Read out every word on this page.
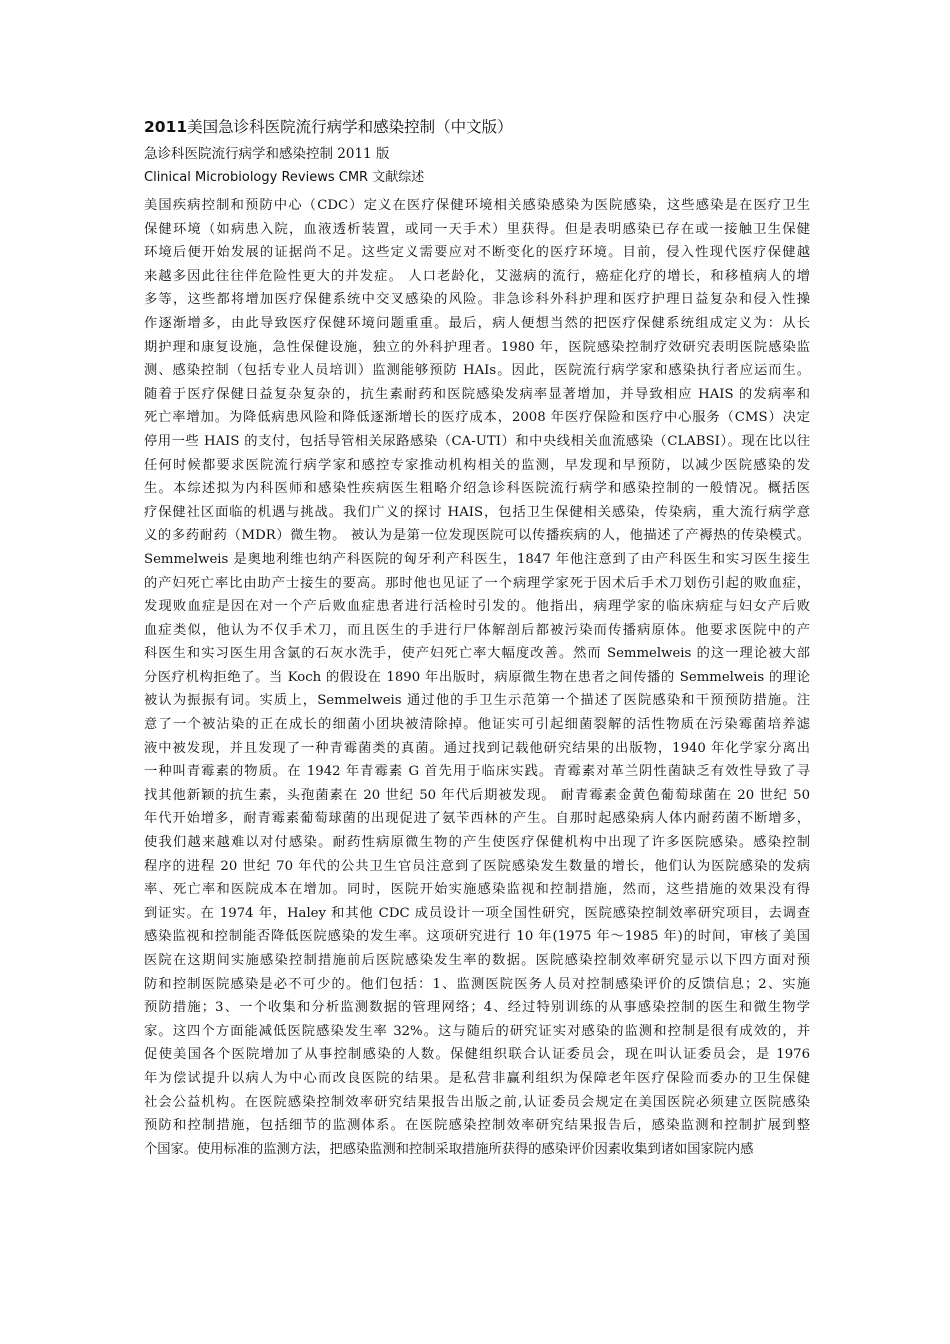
2011美国急诊科医院流行病学和感染控制（中文版）
急诊科医院流行病学和感染控制 2011 版
Clinical Microbiology Reviews CMR 文献综述
美国疾病控制和预防中心（CDC）定义在医疗保健环境相关感染感染为医院感染，这些感染是在医疗卫生
保健环境（如病患入院，血液透析装置，或同一天手术）里获得。但是表明感染已存在或一接触卫生保健
环境后便开始发展的证据尚不足。这些定义需要应对不断变化的医疗环境。目前，侵入性现代医疗保健越
来越多因此往往伴危险性更大的并发症。 人口老龄化，艾滋病的流行，癌症化疗的增长，和移植病人的增
多等，这些都将增加医疗保健系统中交叉感染的风险。非急诊科外科护理和医疗护理日益复杂和侵入性操
作逐渐增多，由此导致医疗保健环境问题重重。最后，病人便想当然的把医疗保健系统组成定义为：从长
期护理和康复设施，急性保健设施，独立的外科护理者。1980 年，医院感染控制疗效研究表明医院感染监
测、感染控制（包括专业人员培训）监测能够预防 HAIs。因此，医院流行病学家和感染执行者应运而生。
随着于医疗保健日益复杂复杂的，抗生素耐药和医院感染发病率显著增加，并导致相应 HAIS 的发病率和
死亡率增加。为降低病患风险和降低逐渐增长的医疗成本，2008 年医疗保险和医疗中心服务（CMS）决定
停用一些 HAIS 的支付，包括导管相关尿路感染（CA-UTI）和中央线相关血流感染（CLABSI）。现在比以往
任何时候都要求医院流行病学家和感控专家推动机构相关的监测，早发现和早预防，以减少医院感染的发
生。本综述拟为内科医师和感染性疾病医生粗略介绍急诊科医院流行病学和感染控制的一般情况。概括医
疗保健社区面临的机遇与挑战。我们广义的探讨 HAIS，包括卫生保健相关感染，传染病，重大流行病学意
义的多药耐药（MDR）微生物。 被认为是第一位发现医院可以传播疾病的人，他描述了产褥热的传染模式。
Semmelweis 是奥地利维也纳产科医院的匈牙利产科医生，1847 年他注意到了由产科医生和实习医生接生
的产妇死亡率比由助产士接生的要高。那时他也见证了一个病理学家死于因术后手术刀划伤引起的败血症，
发现败血症是因在对一个产后败血症患者进行活检时引发的。他指出，病理学家的临床病症与妇女产后败
血症类似，他认为不仅手术刀，而且医生的手进行尸体解剖后都被污染而传播病原体。他要求医院中的产
科医生和实习医生用含氯的石灰水洗手，使产妇死亡率大幅度改善。然而 Semmelweis 的这一理论被大部
分医疗机构拒绝了。当 Koch 的假设在 1890 年出版时，病原微生物在患者之间传播的 Semmelweis 的理论
被认为振振有词。实质上，Semmelweis 通过他的手卫生示范第一个描述了医院感染和干预预防措施。注
意了一个被沾染的正在成长的细菌小团块被清除掉。他证实可引起细菌裂解的活性物质在污染霉菌培养滤
液中被发现，并且发现了一种青霉菌类的真菌。通过找到记载他研究结果的出版物，1940 年化学家分离出
一种叫青霉素的物质。在 1942 年青霉素 G 首先用于临床实践。青霉素对革兰阴性菌缺乏有效性导致了寻
找其他新颖的抗生素，头孢菌素在 20 世纪 50 年代后期被发现。 耐青霉素金黄色葡萄球菌在 20 世纪 50
年代开始增多，耐青霉素葡萄球菌的出现促进了氨苄西林的产生。自那时起感染病人体内耐药菌不断增多，
使我们越来越难以对付感染。耐药性病原微生物的产生使医疗保健机构中出现了许多医院感染。感染控制
程序的进程 20 世纪 70 年代的公共卫生官员注意到了医院感染发生数量的增长，他们认为医院感染的发病
率、死亡率和医院成本在增加。同时，医院开始实施感染监视和控制措施，然而，这些措施的效果没有得
到证实。在 1974 年，Haley 和其他 CDC 成员设计一项全国性研究，医院感染控制效率研究项目，去调查
感染监视和控制能否降低医院感染的发生率。这项研究进行 10 年(1975 年～1985 年)的时间，审核了美国
医院在这期间实施感染控制措施前后医院感染发生率的数据。医院感染控制效率研究显示以下四方面对预
防和控制医院感染是必不可少的。他们包括：1、监测医院医务人员对控制感染评价的反馈信息；2、实施
预防措施；3、一个收集和分析监测数据的管理网络；4、经过特别训练的从事感染控制的医生和微生物学
家。这四个方面能减低医院感染发生率 32%。这与随后的研究证实对感染的监测和控制是很有成效的，并
促使美国各个医院增加了从事控制感染的人数。保健组织联合认证委员会，现在叫认证委员会，是 1976
年为偿试提升以病人为中心而改良医院的结果。是私营非赢利组织为保障老年医疗保险而委办的卫生保健
社会公益机构。在医院感染控制效率研究结果报告出版之前,认证委员会规定在美国医院必须建立医院感染
预防和控制措施，包括细节的监测体系。在医院感染控制效率研究结果报告后，感染监测和控制扩展到整
个国家。使用标准的监测方法，把感染监测和控制采取措施所获得的感染评价因素收集到诸如国家院内感
